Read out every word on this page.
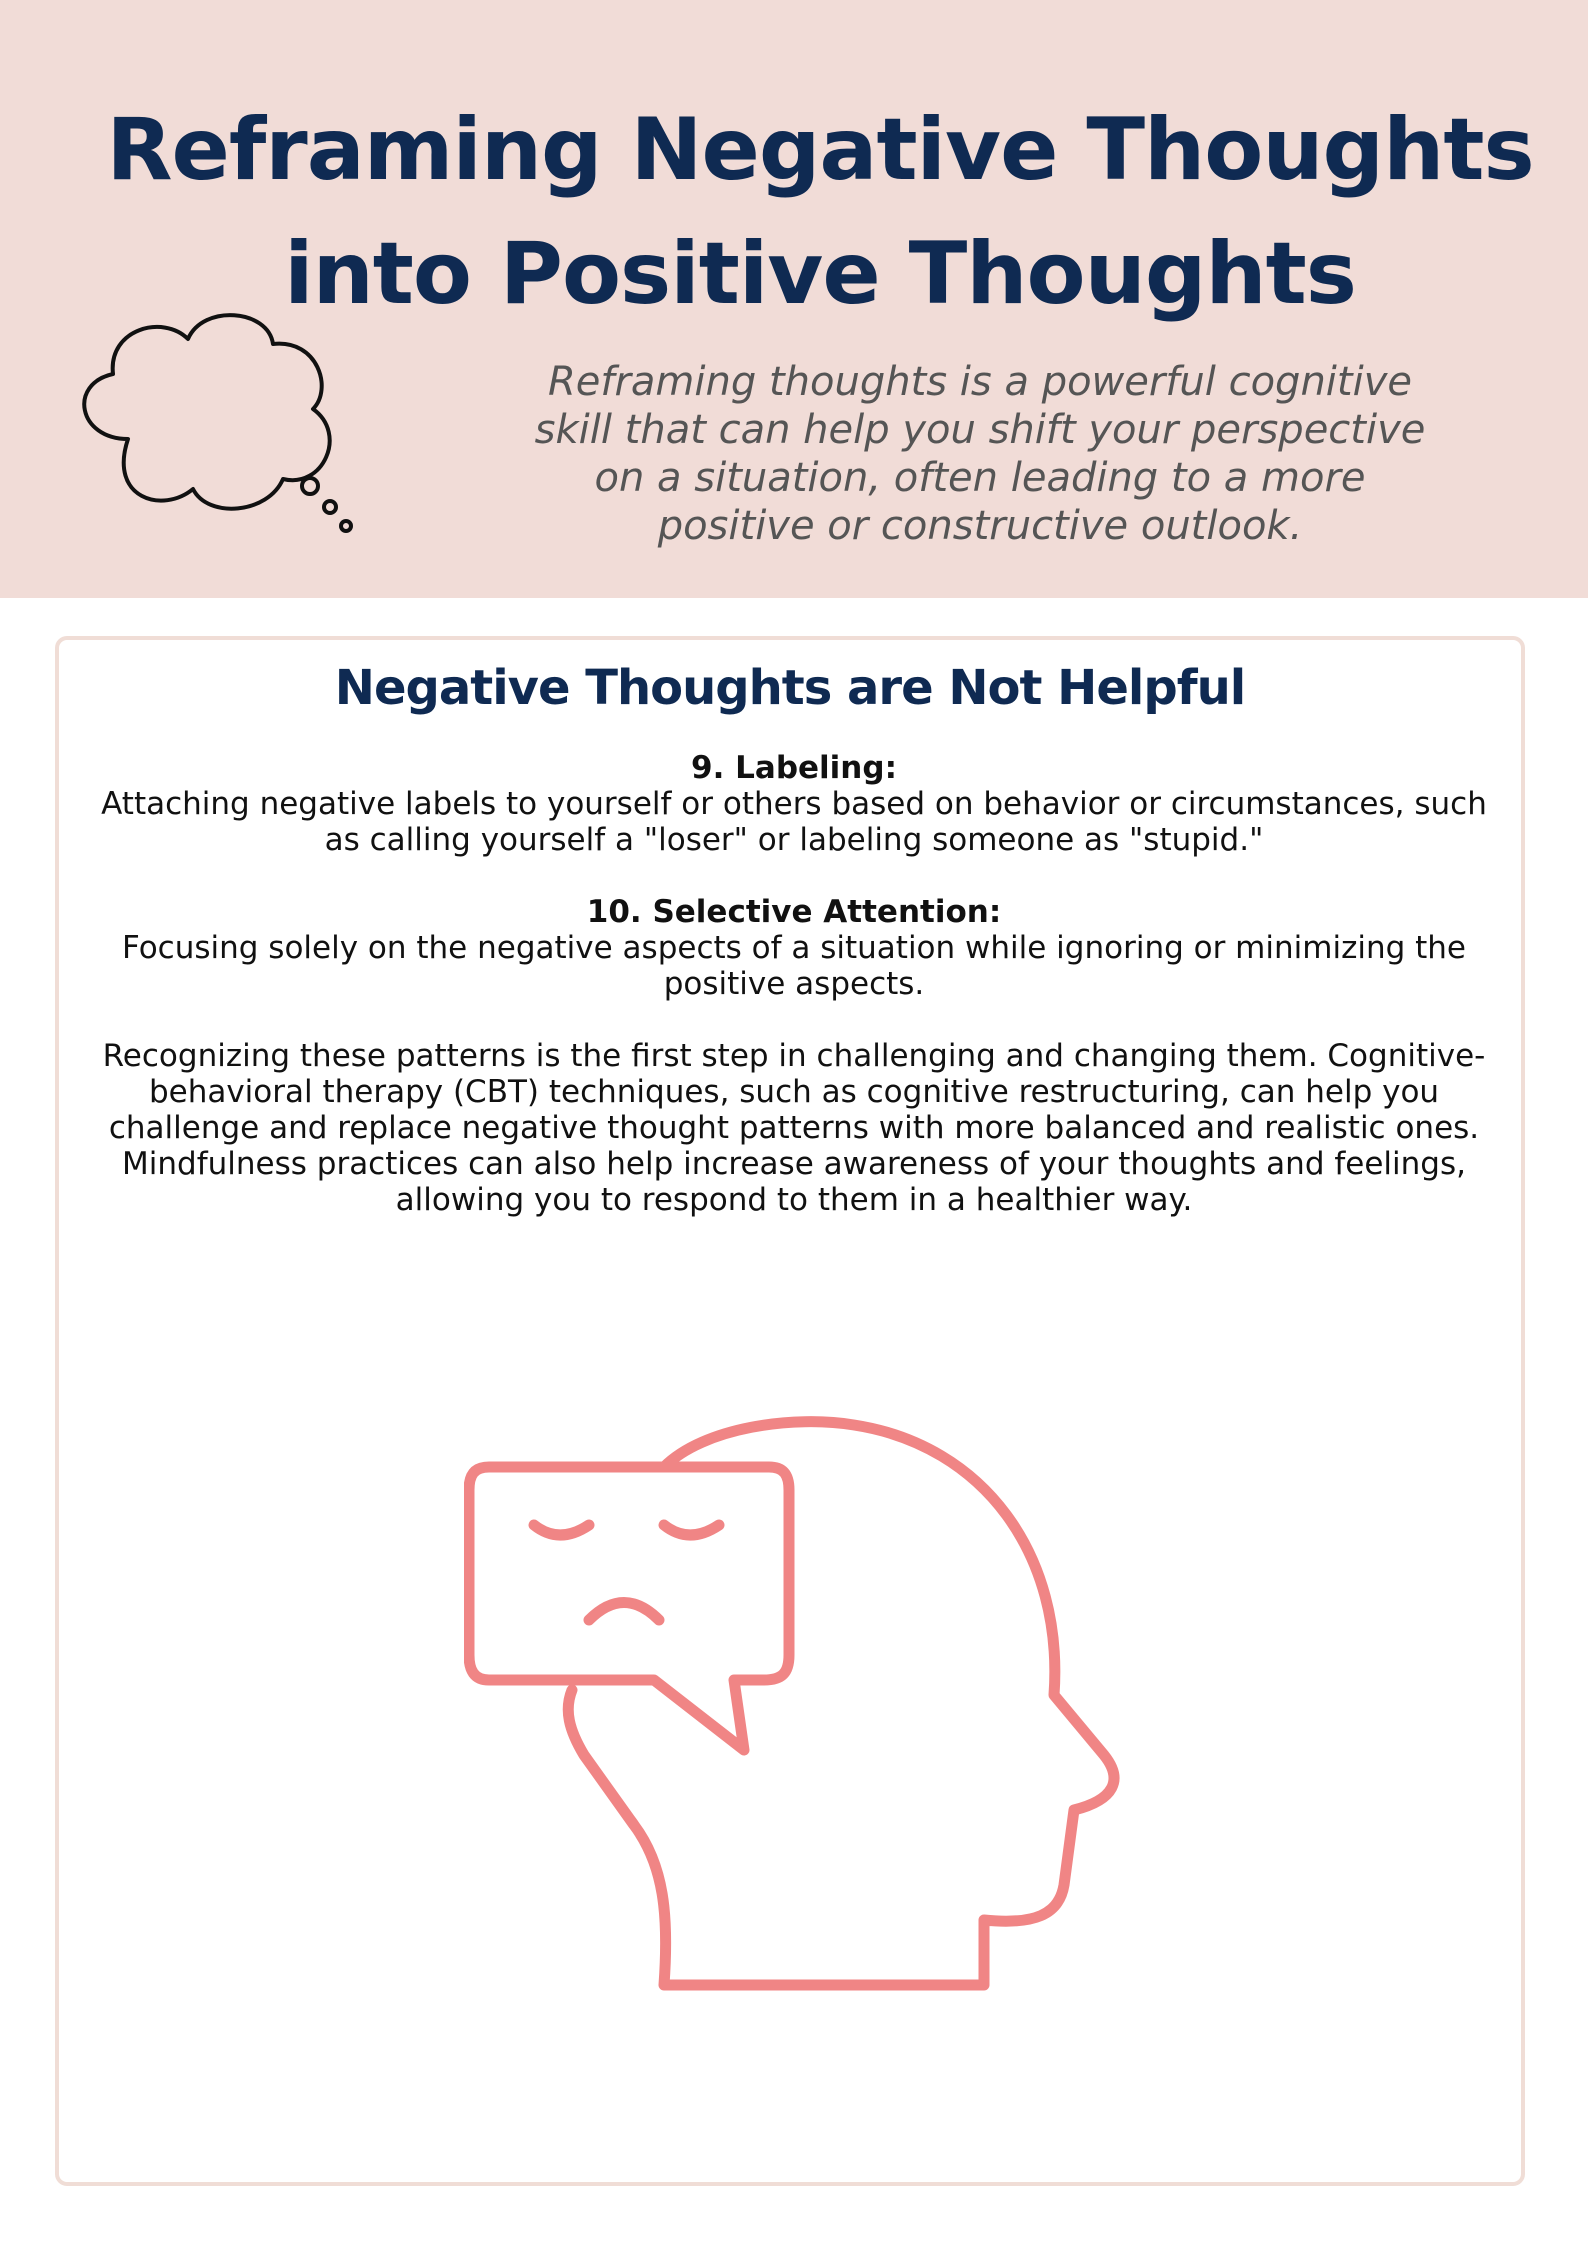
Reframing Negative Thoughts
into Positive Thoughts

Reframing thoughts is a powerful cognitive
skill that can help you shift your perspective
on a situation, often leading to a more
positive or constructive outlook.

Negative Thoughts are Not Helpful
9. Labeling:
Attaching negative labels to yourself or others based on behavior or circumstances, such
as calling yourself a "loser" or labeling someone as "stupid."
10. Selective Attention:
Focusing solely on the negative aspects of a situation while ignoring or minimizing the
positive aspects.
Recognizing these patterns is the first step in challenging and changing them. Cognitive-
behavioral therapy (CBT) techniques, such as cognitive restructuring, can help you
challenge and replace negative thought patterns with more balanced and realistic ones.
Mindfulness practices can also help increase awareness of your thoughts and feelings,
allowing you to respond to them in a healthier way.
